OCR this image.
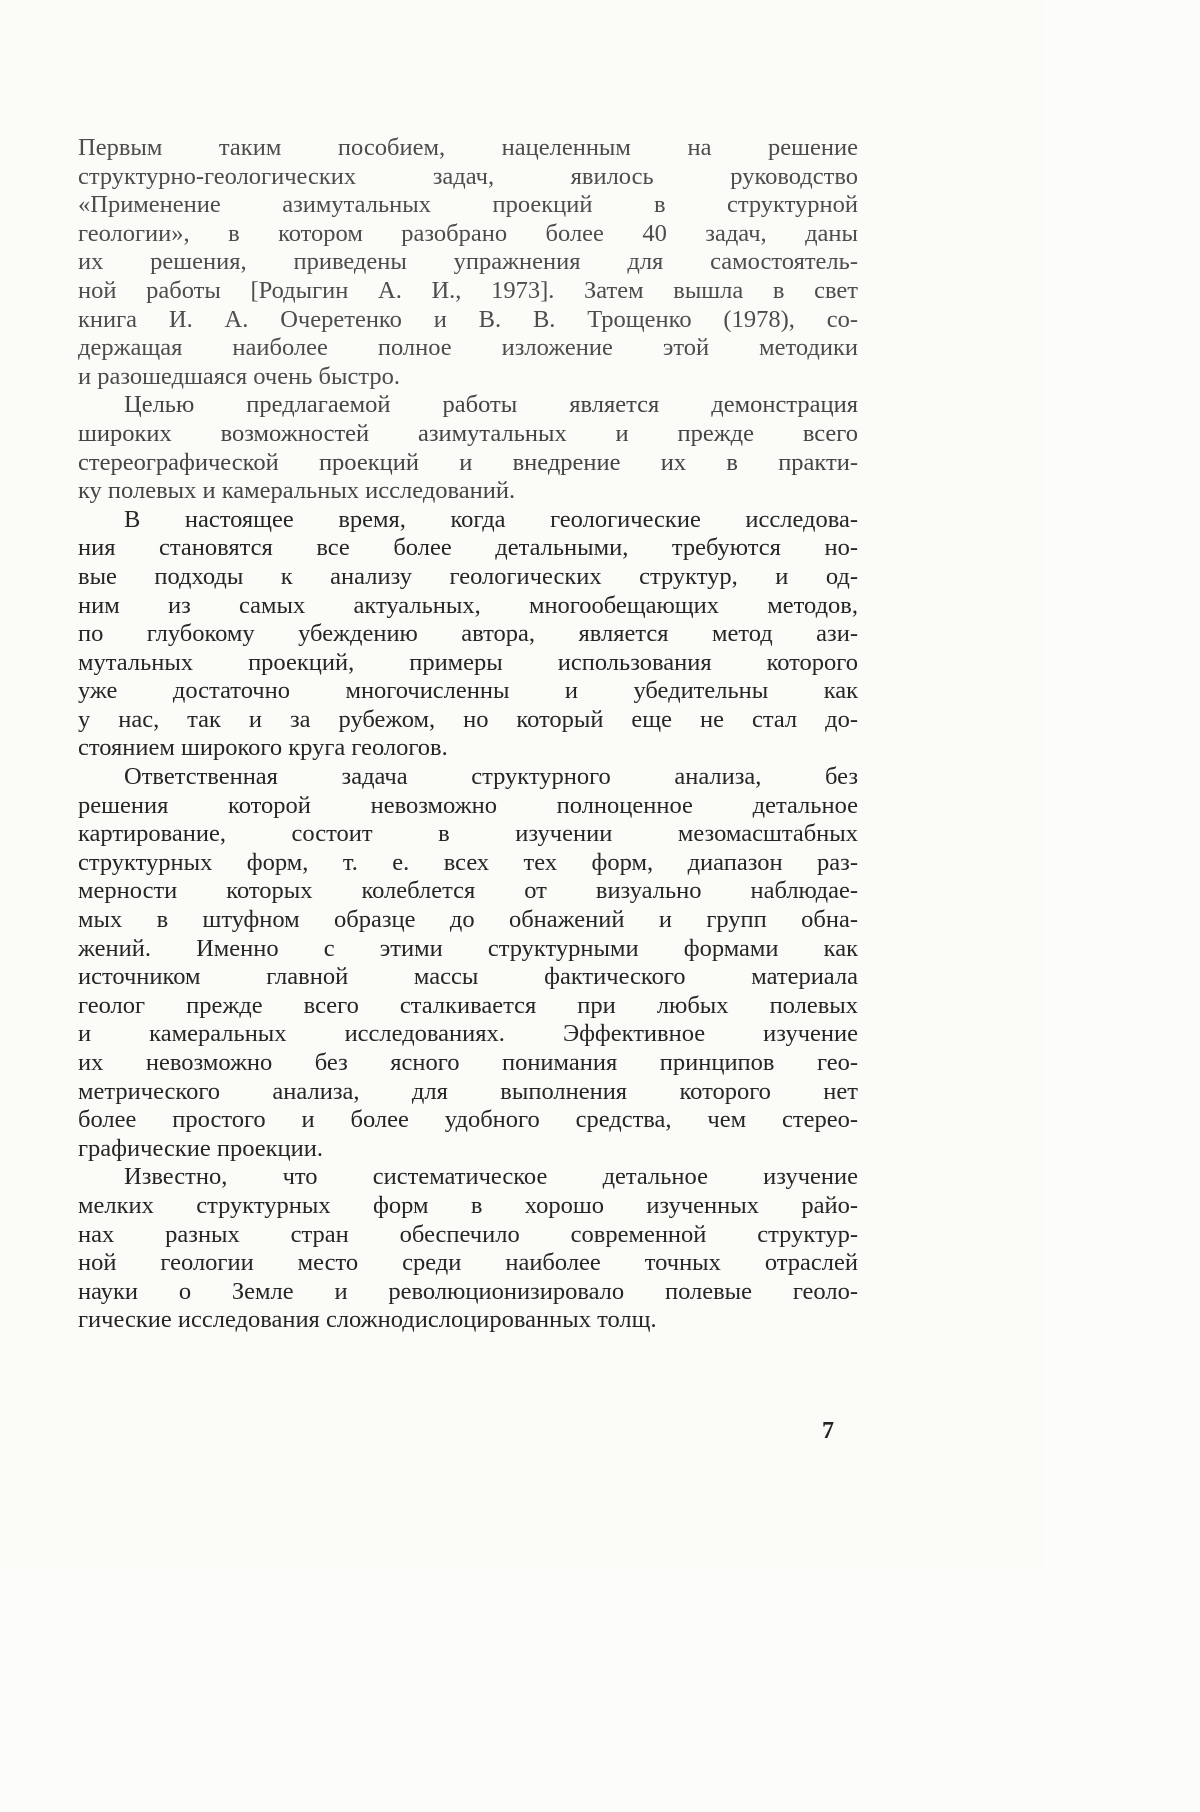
Первым таким пособием, нацеленным на решение
структурно-геологических задач, явилось руководство
«Применение азимутальных проекций в структурной
геологии», в котором разобрано более 40 задач, даны
их решения, приведены упражнения для самостоятель-
ной работы [Родыгин А. И., 1973]. Затем вышла в свет
книга И. А. Очеретенко и В. В. Трощенко (1978), со-
держащая наиболее полное изложение этой методики
и разошедшаяся очень быстро.
Целью предлагаемой работы является демонстрация
широких возможностей азимутальных и прежде всего
стереографической проекций и внедрение их в практи-
ку полевых и камеральных исследований.
В настоящее время, когда геологические исследова-
ния становятся все более детальными, требуются но-
вые подходы к анализу геологических структур, и од-
ним из самых актуальных, многообещающих методов,
по глубокому убеждению автора, является метод ази-
мутальных проекций, примеры использования которого
уже достаточно многочисленны и убедительны как
у нас, так и за рубежом, но который еще не стал до-
стоянием широкого круга геологов.
Ответственная задача структурного анализа, без
решения которой невозможно полноценное детальное
картирование, состоит в изучении мезомасштабных
структурных форм, т. е. всех тех форм, диапазон раз-
мерности которых колеблется от визуально наблюдае-
мых в штуфном образце до обнажений и групп обна-
жений. Именно с этими структурными формами как
источником главной массы фактического материала
геолог прежде всего сталкивается при любых полевых
и камеральных исследованиях. Эффективное изучение
их невозможно без ясного понимания принципов гео-
метрического анализа, для выполнения которого нет
более простого и более удобного средства, чем стерео-
графические проекции.
Известно, что систематическое детальное изучение
мелких структурных форм в хорошо изученных райо-
нах разных стран обеспечило современной структур-
ной геологии место среди наиболее точных отраслей
науки о Земле и революционизировало полевые геоло-
гические исследования сложнодислоцированных толщ.
7
